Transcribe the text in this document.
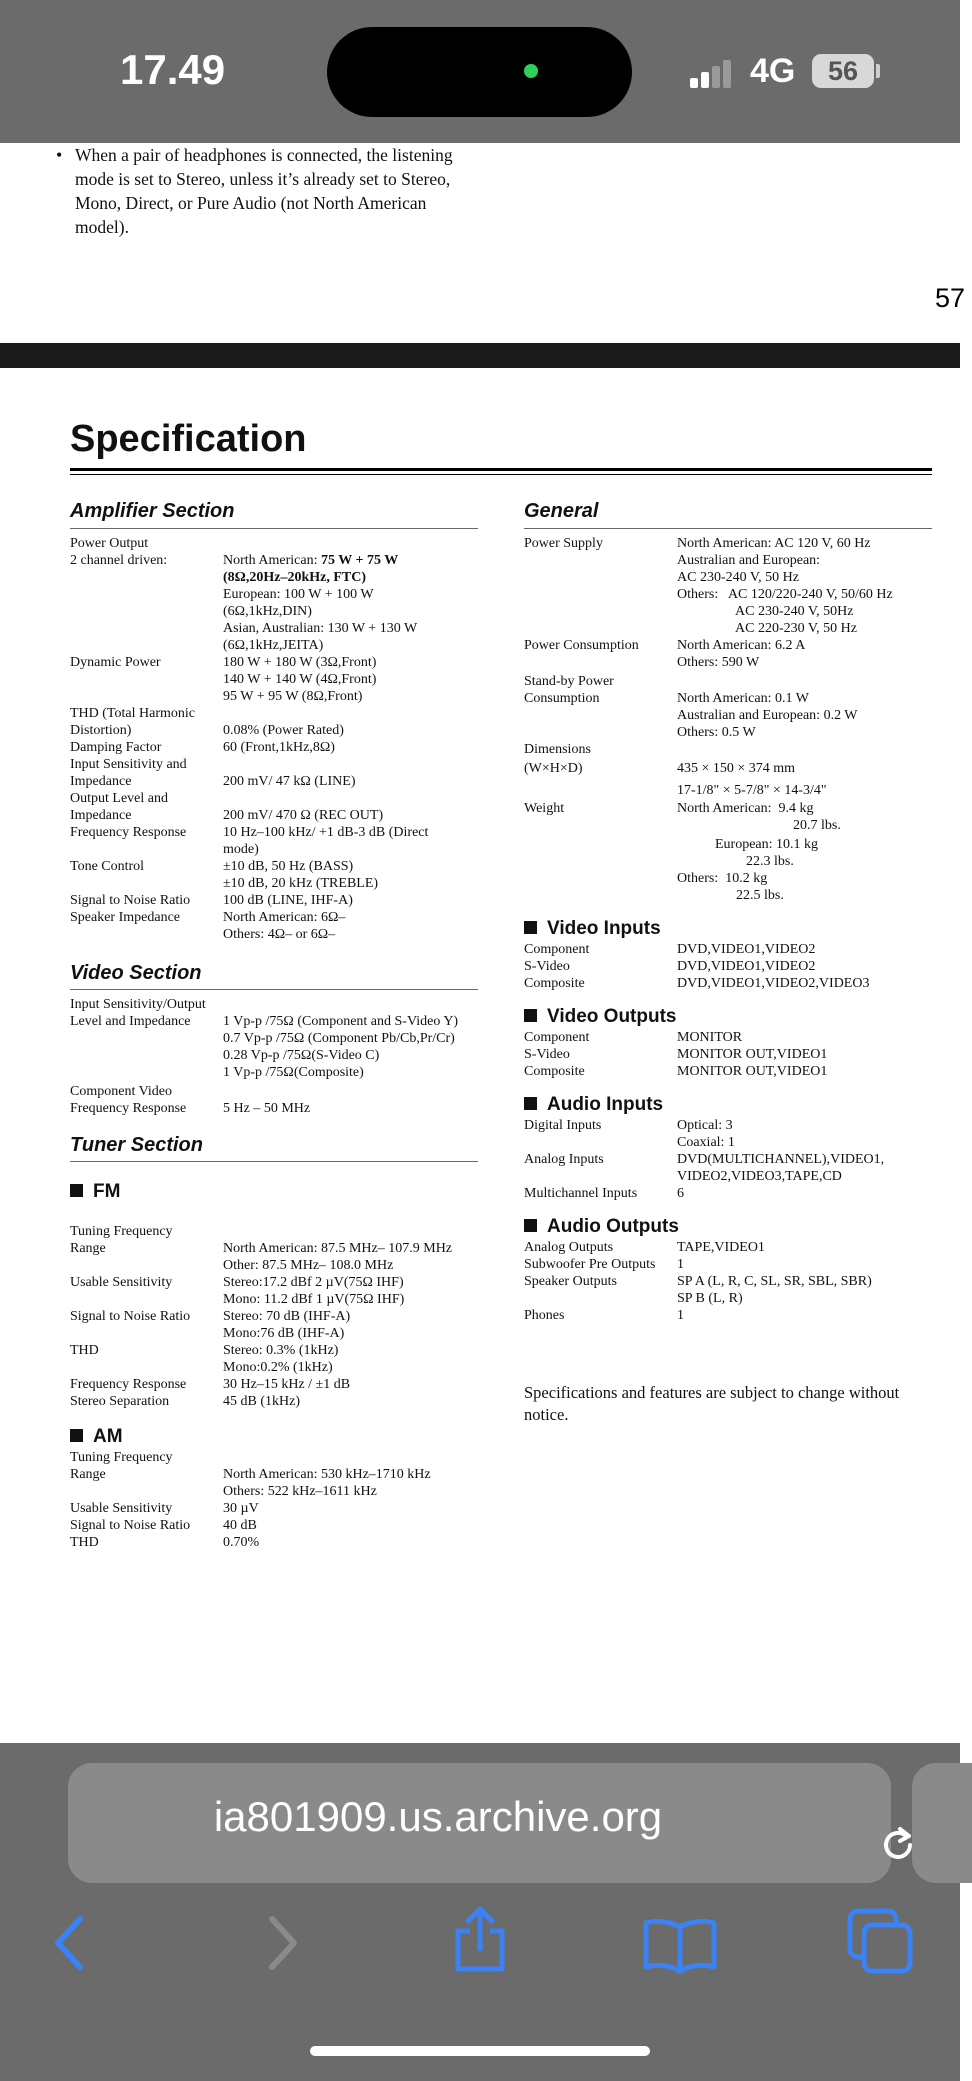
17.49	4G	56
• When a pair of headphones is connected, the listening mode is set to Stereo, unless it’s already set to Stereo, Mono, Direct, or Pure Audio (not North American model).
57
Specification
Amplifier Section
Power Output
2 channel driven:	North American: 75 W + 75 W
(8Ω,20Hz–20kHz, FTC)
European: 100 W + 100 W
(6Ω,1kHz,DIN)
Asian, Australian: 130 W + 130 W
(6Ω,1kHz,JEITA)
Dynamic Power	180 W + 180 W (3Ω,Front)
140 W + 140 W (4Ω,Front)
95 W + 95 W (8Ω,Front)
THD (Total Harmonic
Distortion)	0.08% (Power Rated)
Damping Factor	60 (Front,1kHz,8Ω)
Input Sensitivity and
Impedance	200 mV/ 47 kΩ (LINE)
Output Level and
Impedance	200 mV/ 470 Ω (REC OUT)
Frequency Response	10 Hz–100 kHz/ +1 dB-3 dB (Direct
mode)
Tone Control	±10 dB, 50 Hz (BASS)
±10 dB, 20 kHz (TREBLE)
Signal to Noise Ratio 100 dB (LINE, IHF-A)
Speaker Impedance	North American: 6Ω–
Others: 4Ω– or 6Ω–
Video Section
Input Sensitivity/Output
Level and Impedance 1 Vp-p /75Ω (Component and S-Video Y)
0.7 Vp-p /75Ω (Component Pb/Cb,Pr/Cr)
0.28 Vp-p /75Ω(S-Video C)
1 Vp-p /75Ω(Composite)
Component Video
Frequency Response	5 Hz – 50 MHz
Tuner Section
FM
Tuning Frequency
Range	North American: 87.5 MHz– 107.9 MHz
Other: 87.5 MHz– 108.0 MHz
Usable Sensitivity	Stereo:17.2 dBf 2 µV(75Ω IHF)
Mono: 11.2 dBf 1 µV(75Ω IHF)
Signal to Noise Ratio Stereo: 70 dB (IHF-A)
Mono:76 dB (IHF-A)
THD	Stereo: 0.3% (1kHz)
Mono:0.2% (1kHz)
Frequency Response	30 Hz–15 kHz / ±1 dB
Stereo Separation	45 dB (1kHz)
AM
Tuning Frequency
Range	North American: 530 kHz–1710 kHz
Others: 522 kHz–1611 kHz
Usable Sensitivity	30 µV
Signal to Noise Ratio 40 dB
THD	0.70%
General
Power Supply	North American: AC 120 V, 60 Hz
Australian and European:
AC 230-240 V, 50 Hz
Others:   AC 120/220-240 V, 50/60 Hz
AC 230-240 V, 50Hz
AC 220-230 V, 50 Hz
Power Consumption	North American: 6.2 A
Others: 590 W
Stand-by Power
Consumption	North American: 0.1 W
Australian and European: 0.2 W
Others: 0.5 W
Dimensions
(W×H×D)	435 × 150 × 374 mm
17-1/8" × 5-7/8" × 14-3/4"
Weight	North American:  9.4 kg
20.7 lbs.
European: 10.1 kg
22.3 lbs.
Others:  10.2 kg
22.5 lbs.
Video Inputs
Component	DVD,VIDEO1,VIDEO2
S-Video	DVD,VIDEO1,VIDEO2
Composite	DVD,VIDEO1,VIDEO2,VIDEO3
Video Outputs
Component	MONITOR
S-Video	MONITOR OUT,VIDEO1
Composite	MONITOR OUT,VIDEO1
Audio Inputs
Digital Inputs	Optical: 3
Coaxial: 1
Analog Inputs	DVD(MULTICHANNEL),VIDEO1,
VIDEO2,VIDEO3,TAPE,CD
Multichannel Inputs	6
Audio Outputs
Analog Outputs	TAPE,VIDEO1
Subwoofer Pre Outputs 1
Speaker Outputs	SP A (L, R, C, SL, SR, SBL, SBR)
SP B (L, R)
Phones	1
Specifications and features are subject to change without notice.
ia801909.us.archive.org
